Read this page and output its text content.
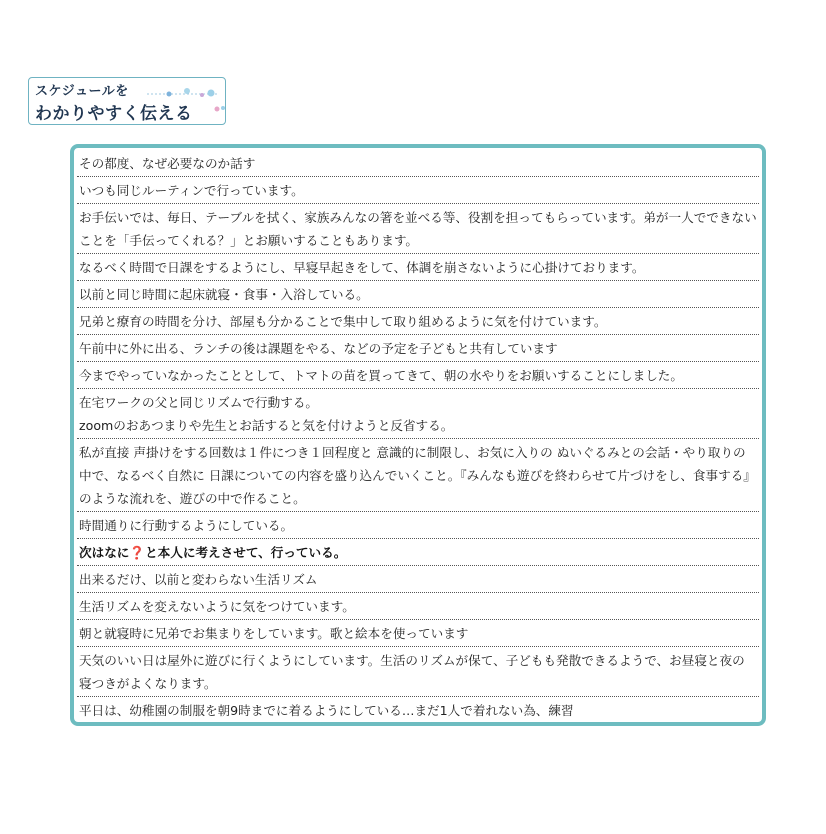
スケジュールを
わかりやすく伝える
その都度、なぜ必要なのか話す
いつも同じルーティンで行っています。
お手伝いでは、毎日、テーブルを拭く、家族みんなの箸を並べる等、役割を担ってもらっています。弟が一人でできないことを「手伝ってくれる？」とお願いすることもあります。
なるべく時間で日課をするようにし、早寝早起きをして、体調を崩さないように心掛けております。
以前と同じ時間に起床就寝・食事・入浴している。
兄弟と療育の時間を分け、部屋も分かることで集中して取り組めるように気を付けています。
午前中に外に出る、ランチの後は課題をやる、などの予定を子どもと共有しています
今までやっていなかったこととして、トマトの苗を買ってきて、朝の水やりをお願いすることにしました。
在宅ワークの父と同じリズムで行動する。
zoomのおあつまりや先生とお話すると気を付けようと反省する。
私が直接 声掛けをする回数は１件につき１回程度と 意識的に制限し、お気に入りの ぬいぐるみとの会話・やり取りの中で、なるべく自然に 日課についての内容を盛り込んでいくこと。『みんなも遊びを終わらせて片づけをし、食事する』のような流れを、遊びの中で作ること。
時間通りに行動するようにしている。
次はなに❓と本人に考えさせて、行っている。
出来るだけ、以前と変わらない生活リズム
生活リズムを変えないように気をつけています。
朝と就寝時に兄弟でお集まりをしています。歌と絵本を使っています
天気のいい日は屋外に遊びに行くようにしています。生活のリズムが保て、子どもも発散できるようで、お昼寝と夜の寝つきがよくなります。
平日は、幼稚園の制服を朝9時までに着るようにしている…まだ1人で着れない為、練習
